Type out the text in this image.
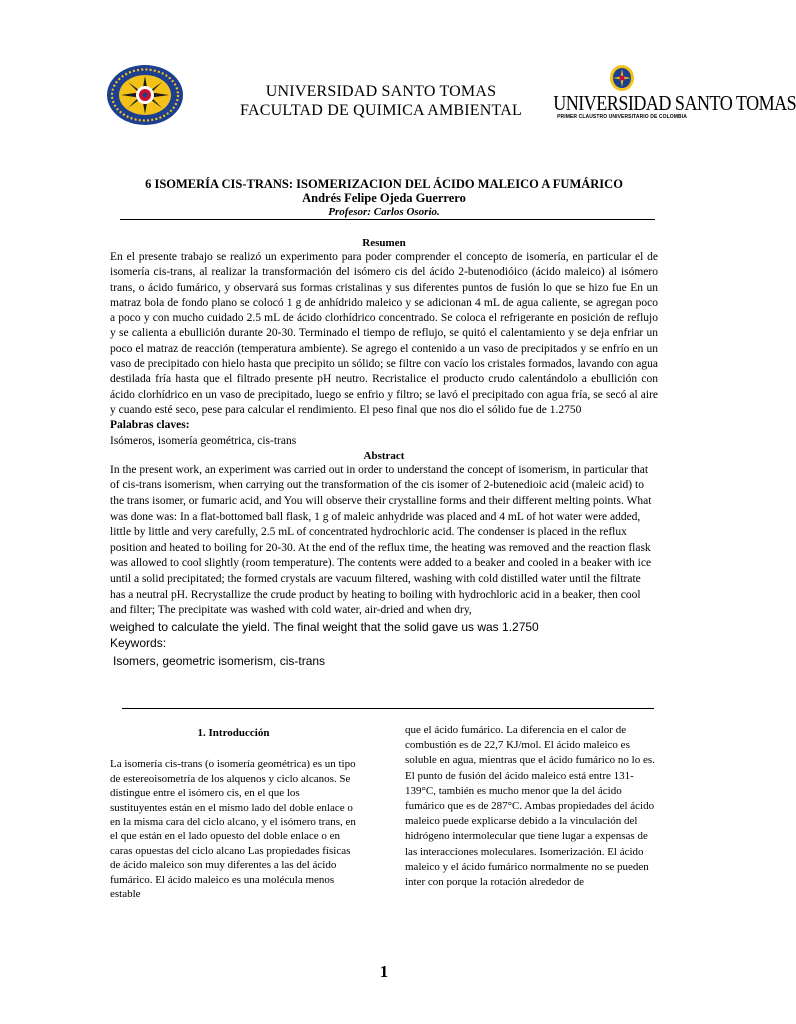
UNIVERSIDAD SANTO TOMAS
FACULTAD DE QUIMICA AMBIENTAL	UNIVERSIDAD SANTO TOMAS
PRIMER CLAUSTRO UNIVERSITARIO DE COLOMBIA
6 ISOMERÍA CIS-TRANS: ISOMERIZACION DEL ÁCIDO MALEICO A FUMÁRICO
Andrés Felipe Ojeda Guerrero
Profesor: Carlos Osorio.
Resumen

En el presente trabajo se realizó un experimento para poder comprender el concepto de isomería, en particular el de isomería cis-trans, al realizar la transformación del isómero cis del ácido 2-butenodióico (ácido maleico) al isómero trans, o ácido fumárico, y observará sus formas cristalinas y sus diferentes puntos de fusión lo que se hizo fue En un matraz bola de fondo plano se colocó 1 g de anhídrido maleico y se adicionan 4 mL de agua caliente, se agregan poco a poco y con mucho cuidado 2.5 mL de ácido clorhídrico concentrado. Se coloca el refrigerante en posición de reflujo y se calienta a ebullición durante 20-30. Terminado el tiempo de reflujo, se quitó el calentamiento y se deja enfriar un poco el matraz de reacción (temperatura ambiente). Se agrego el contenido a un vaso de precipitados y se enfrío en un vaso de precipitado con hielo hasta que precipito un sólido; se filtre con vacío los cristales formados, lavando con agua destilada fría hasta que el filtrado presente pH neutro. Recristalice el producto crudo calentándolo a ebullición con ácido clorhídrico en un vaso de precipitado, luego se enfrio y filtro; se lavó el precipitado con agua fría, se secó al aire y cuando esté seco, pese para calcular el rendimiento. El peso final que nos dio el sólido fue de 1.2750

Palabras claves:

Isómeros, isomería geométrica, cis-trans

Abstract

In the present work, an experiment was carried out in order to understand the concept of isomerism, in particular that of cis-trans isomerism, when carrying out the transformation of the cis isomer of 2-butenedioic acid (maleic acid) to the trans isomer, or fumaric acid, and You will observe their crystalline forms and their different melting points. What was done was: In a flat-bottomed ball flask, 1 g of maleic anhydride was placed and 4 mL of hot water were added, little by little and very carefully, 2.5 mL of concentrated hydrochloric acid. The condenser is placed in the reflux position and heated to boiling for 20-30. At the end of the reflux time, the heating was removed and the reaction flask was allowed to cool slightly (room temperature). The contents were added to a beaker and cooled in a beaker with ice until a solid precipitated; the formed crystals are vacuum filtered, washing with cold distilled water until the filtrate has a neutral pH. Recrystallize the crude product by heating to boiling with hydrochloric acid in a beaker, then cool and filter; The precipitate was washed with cold water, air-dried and when dry,

weighed to calculate the yield. The final weight that the solid gave us was 1.2750

Keywords:

Isomers, geometric isomerism, cis-trans

1. Introducción

La isomería cis-trans (o isomería geométrica) es un tipo de estereoisometría de los alquenos y ciclo alcanos. Se distingue entre el isómero cis, en el que los sustituyentes están en el mismo lado del doble enlace o en la misma cara del ciclo alcano, y el isómero trans, en el que están en el lado opuesto del doble enlace o en caras opuestas del ciclo alcano Las propiedades físicas de ácido maleico son muy diferentes a las del ácido fumárico. El ácido maleico es una molécula menos estable

que el ácido fumárico. La diferencia en el calor de combustión es de 22,7 KJ/mol. El ácido maleico es soluble en agua, mientras que el ácido fumárico no lo es. El punto de fusión del ácido maleico está entre 131-139°C, también es mucho menor que la del ácido fumárico que es de 287°C. Ambas propiedades del ácido maleico puede explicarse debido a la vinculación del hidrógeno intermolecular que tiene lugar a expensas de las interacciones moleculares. Isomerización. El ácido maleico y el ácido fumárico normalmente no se pueden inter con porque la rotación alrededor de

1
